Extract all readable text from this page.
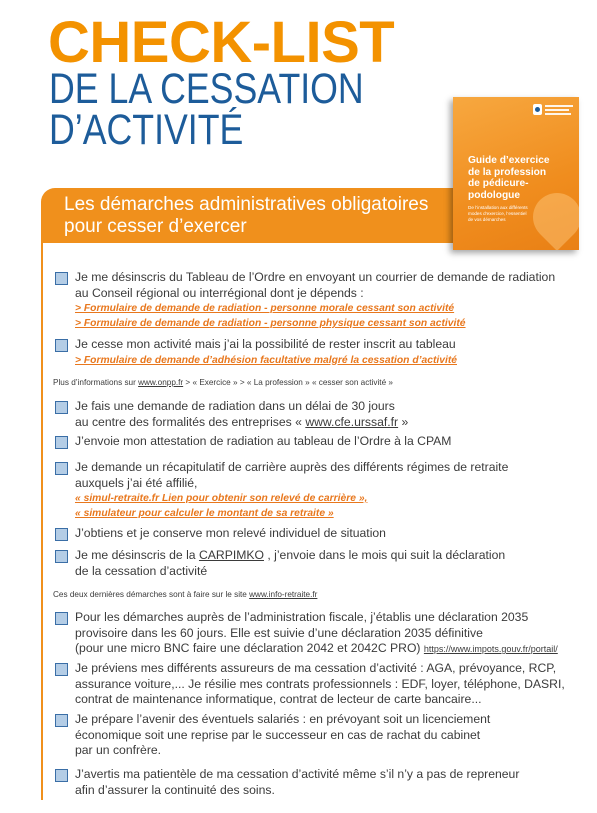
CHECK-LIST
DE LA CESSATION
D’ACTIVITÉ
Les démarches administratives obligatoires
pour cesser d’exercer
Guide d’exercice
de la profession
de pédicure-
podologue
De l’installation aux différents modes d’exercice, l’essentiel de vos démarches
Je me désinscris du Tableau de l’Ordre en envoyant un courrier de demande de radiation
au Conseil régional ou interrégional dont je dépends :
> Formulaire de demande de radiation - personne morale cessant son activité
> Formulaire de demande de radiation - personne physique cessant son activité
Je cesse mon activité mais j’ai la possibilité de rester inscrit au tableau
> Formulaire de demande d’adhésion facultative malgré la cessation d’activité
Plus d’informations sur www.onpp.fr > « Exercice » > « La profession » « cesser son activité »
Je fais une demande de radiation dans un délai de 30 jours
au centre des formalités des entreprises « www.cfe.urssaf.fr »
J’envoie mon attestation de radiation au tableau de l’Ordre à la CPAM
Je demande un récapitulatif de carrière auprès des différents régimes de retraite
auxquels j’ai été affilié,
« simul-retraite.fr Lien pour obtenir son relevé de carrière »,
« simulateur pour calculer le montant de sa retraite »
J’obtiens et je conserve mon relevé individuel de situation
Je me désinscris de la CARPIMKO , j’envoie dans le mois qui suit la déclaration
de la cessation d’activité
Ces deux dernières démarches sont à faire sur le site www.info-retraite.fr
Pour les démarches auprès de l’administration fiscale, j’établis une déclaration 2035
provisoire dans les 60 jours. Elle est suivie d’une déclaration 2035 définitive
(pour une micro BNC faire une déclaration 2042 et 2042C PRO) https://www.impots.gouv.fr/portail/
Je préviens mes différents assureurs de ma cessation d’activité : AGA, prévoyance, RCP,
assurance voiture,... Je résilie mes contrats professionnels : EDF, loyer, téléphone, DASRI,
contrat de maintenance informatique, contrat de lecteur de carte bancaire...
Je prépare l’avenir des éventuels salariés : en prévoyant soit un licenciement
économique soit une reprise par le successeur en cas de rachat du cabinet
par un confrère.
J’avertis ma patientèle de ma cessation d’activité même s’il n’y a pas de repreneur
afin d’assurer la continuité des soins.
